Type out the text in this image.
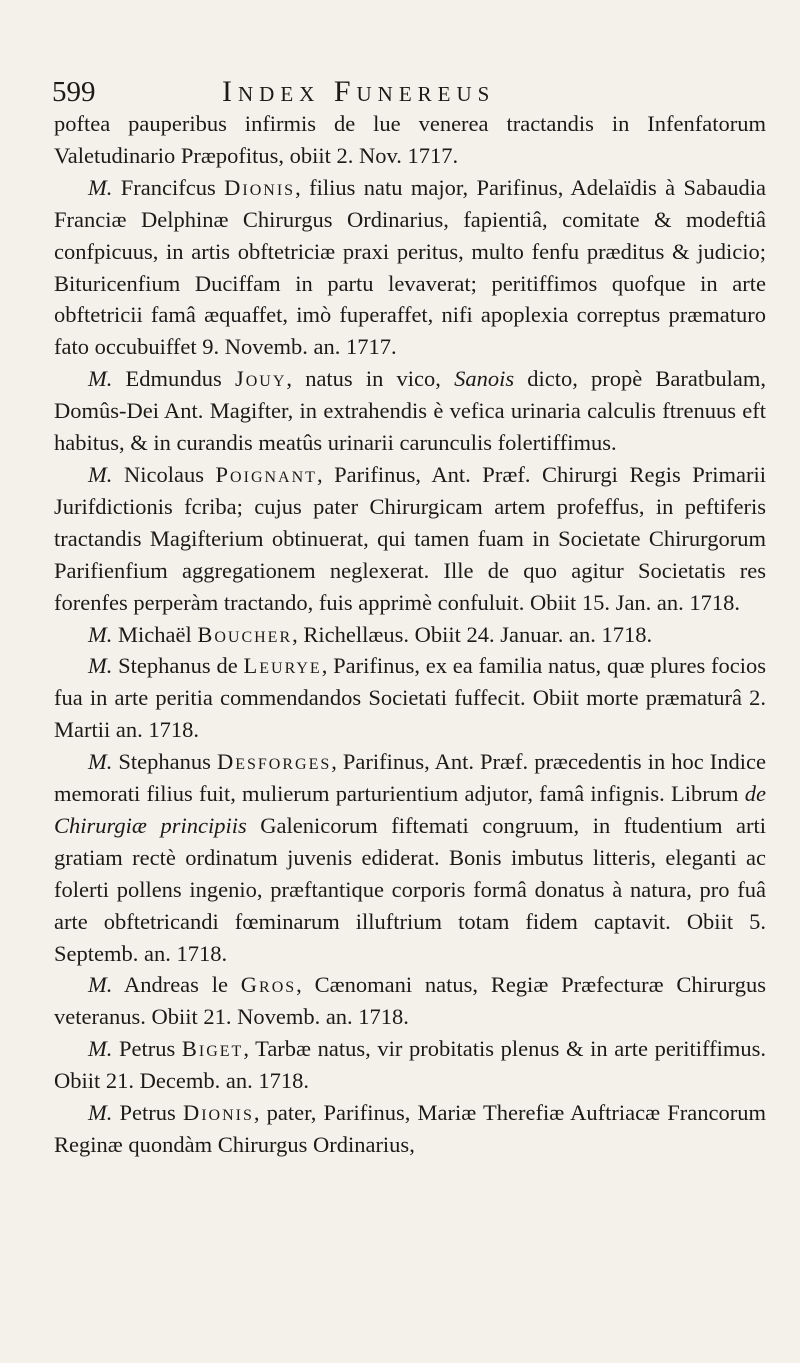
599	Index Funereus

poftea pauperibus infirmis de lue venerea tractandis in Infenfatorum Valetudinario Præpofitus, obiit 2. Nov. 1717.

M. Francifcus Dionis, filius natu major, Parifinus, Adelaïdis à Sabaudia Franciæ Delphinæ Chirurgus Ordinarius, fapientiâ, comitate & modeftiâ confpicuus, in artis obftetriciæ praxi peritus, multo fenfu præditus & judicio; Bituricenfium Duciffam in partu levaverat; peritiffimos quofque in arte obftetricii famâ æquaffet, imò fuperaffet, nifi apoplexia correptus præmaturo fato occubuiffet 9. Novemb. an. 1717.

M. Edmundus Jouy, natus in vico, Sanois dicto, propè Baratbulam, Domûs-Dei Ant. Magifter, in extrahendis è vefica urinaria calculis ftrenuus eft habitus, & in curandis meatûs urinarii carunculis folertiffimus.

M. Nicolaus Poignant, Parifinus, Ant. Præf. Chirurgi Regis Primarii Jurifdictionis fcriba; cujus pater Chirurgicam artem profeffus, in peftiferis tractandis Magifterium obtinuerat, qui tamen fuam in Societate Chirurgorum Parifienfium aggregationem neglexerat. Ille de quo agitur Societatis res forenfes perperàm tractando, fuis apprimè confuluit. Obiit 15. Jan. an. 1718.

M. Michaël Boucher, Richellæus. Obiit 24. Januar. an. 1718.

M. Stephanus de Leurye, Parifinus, ex ea familia natus, quæ plures focios fua in arte peritia commendandos Societati fuffecit. Obiit morte præmaturâ 2. Martii an. 1718.

M. Stephanus Desforges, Parifinus, Ant. Præf. præcedentis in hoc Indice memorati filius fuit, mulierum parturientium adjutor, famâ infignis. Librum de Chirurgiæ principiis Galenicorum fiftemati congruum, in ftudentium arti gratiam rectè ordinatum juvenis ediderat. Bonis imbutus litteris, eleganti ac folerti pollens ingenio, præftantique corporis formâ donatus à natura, pro fuâ arte obftetricandi fœminarum illuftrium totam fidem captavit. Obiit 5. Septemb. an. 1718.

M. Andreas le Gros, Cænomani natus, Regiæ Præfecturæ Chirurgus veteranus. Obiit 21. Novemb. an. 1718.

M. Petrus Biget, Tarbæ natus, vir probitatis plenus & in arte peritiffimus. Obiit 21. Decemb. an. 1718.

M. Petrus Dionis, pater, Parifinus, Mariæ Therefiæ Auftriacæ Francorum Reginæ quondàm Chirurgus Ordinarius,
